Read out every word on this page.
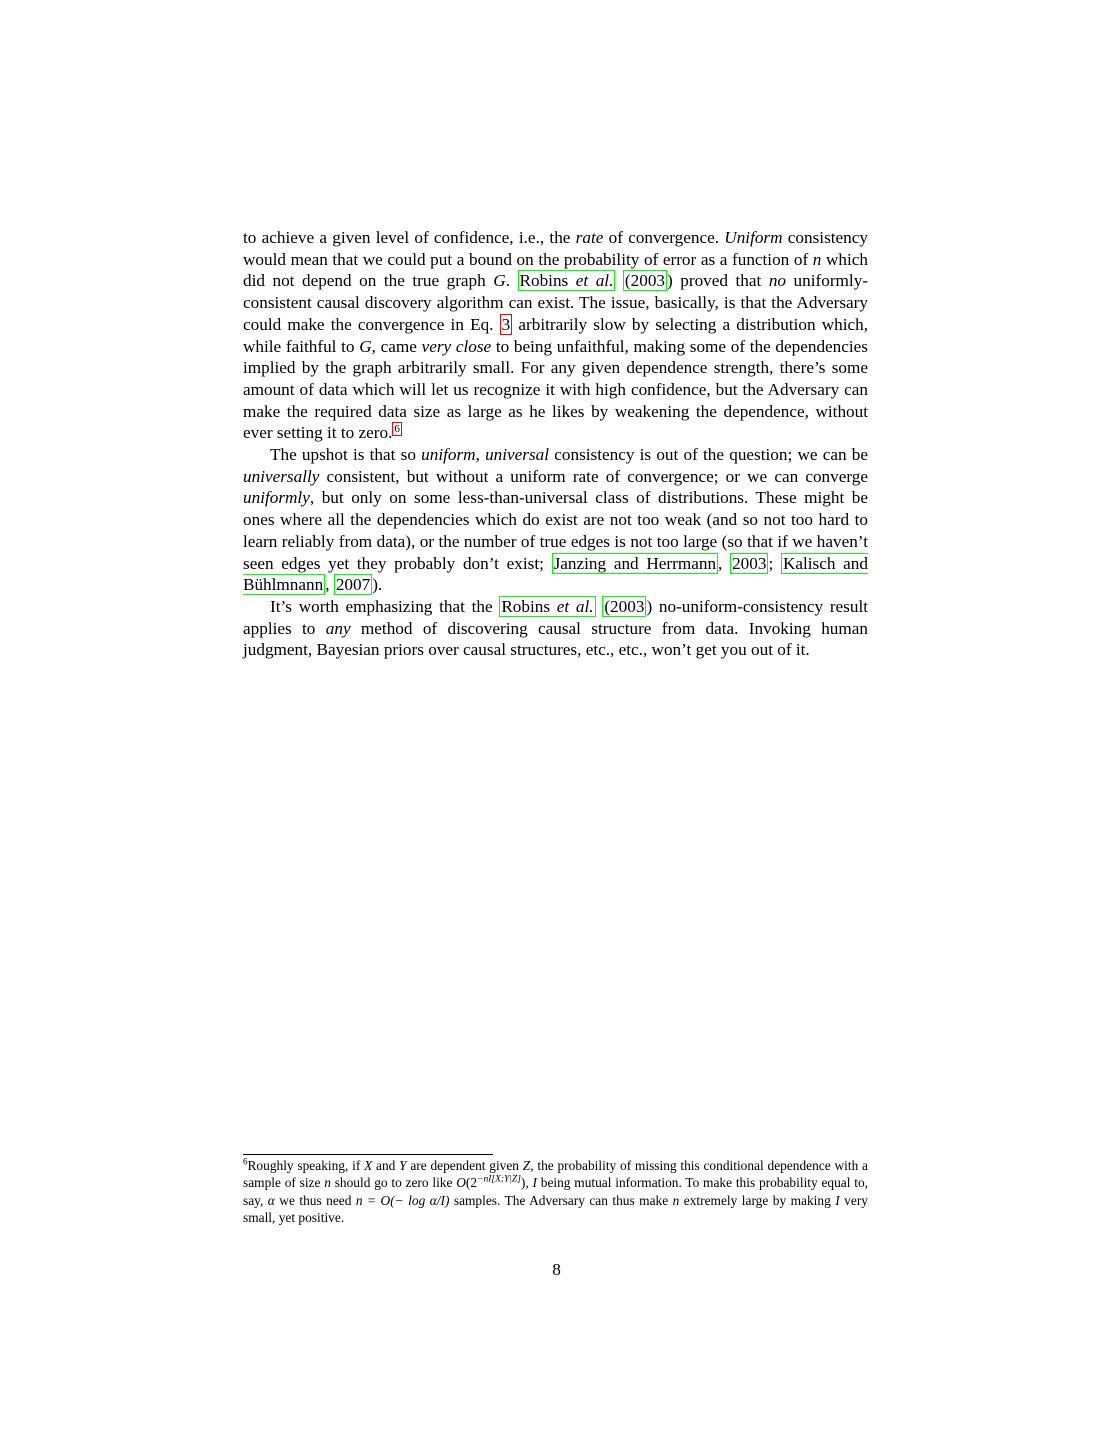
to achieve a given level of confidence, i.e., the rate of convergence. Uniform consistency would mean that we could put a bound on the probability of error as a function of n which did not depend on the true graph G. Robins et al. (2003 ) proved that no uniformly-consistent causal discovery algorithm can exist. The issue, basically, is that the Adversary could make the convergence in Eq. 3 arbitrarily slow by selecting a distribution which, while faithful to G, came very close to being unfaithful, making some of the dependencies implied by the graph arbitrarily small. For any given dependence strength, there’s some amount of data which will let us recognize it with high confidence, but the Adversary can make the required data size as large as he likes by weakening the dependence, without ever setting it to zero. $^6$

The upshot is that so uniform, universal consistency is out of the question; we can be universally consistent, but without a uniform rate of convergence; or we can converge uniformly, but only on some less-than-universal class of distributions. These might be ones where all the dependencies which do exist are not too weak (and so not too hard to learn reliably from data), or the number of true edges is not too large (so that if we haven’t seen edges yet they probably don’t exist; Janzing and Herrmann , 2003 ; Kalisch and Bühlmnann , 2007 ).

It’s worth emphasizing that the Robins et al. (2003 ) no-uniform-consistency result applies to any method of discovering causal structure from data. Invoking human judgment, Bayesian priors over causal structures, etc., etc., won’t get you out of it.

$^6$Roughly speaking, if X and Y are dependent given Z, the probability of missing this conditional dependence with a sample of size n should go to zero like $O(2^{-nI[X;Y|Z]})$, I being mutual information. To make this probability equal to, say, α we thus need n = O(− log α/I) samples. The Adversary can thus make n extremely large by making I very small, yet positive.
8
